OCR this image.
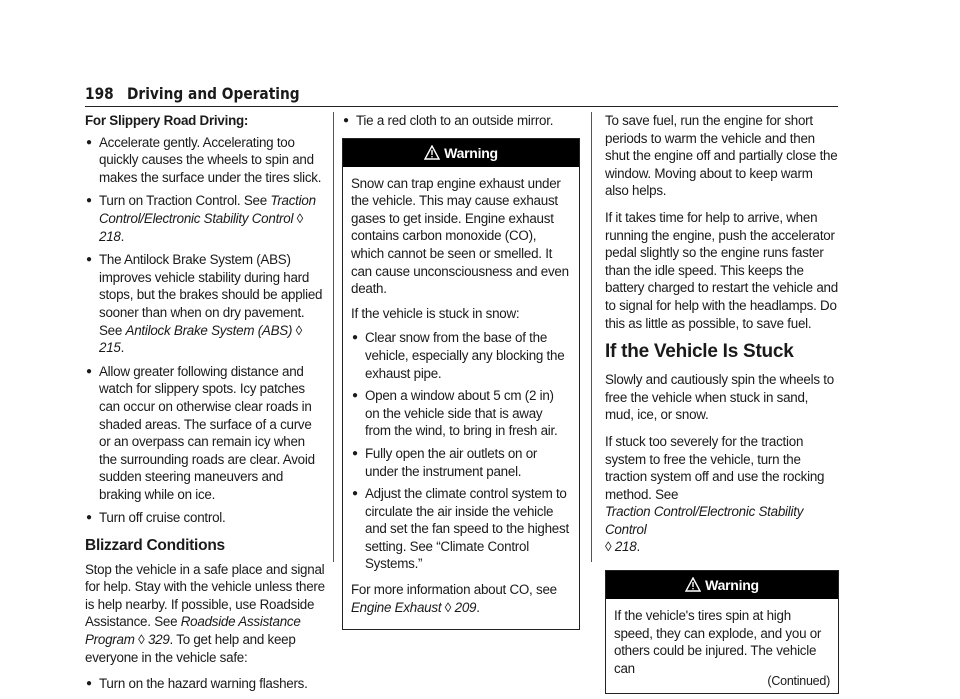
198 Driving and Operating

For Slippery Road Driving:

● Accelerate gently. Accelerating too quickly causes the wheels to spin and makes the surface under the tires slick.
● Turn on Traction Control. See Traction Control/Electronic Stability Control ◊ 218.
● The Antilock Brake System (ABS) improves vehicle stability during hard stops, but the brakes should be applied sooner than when on dry pavement. See Antilock Brake System (ABS) ◊ 215.
● Allow greater following distance and watch for slippery spots. Icy patches can occur on otherwise clear roads in shaded areas. The surface of a curve or an overpass can remain icy when the surrounding roads are clear. Avoid sudden steering maneuvers and braking while on ice.
● Turn off cruise control.

Blizzard Conditions

Stop the vehicle in a safe place and signal for help. Stay with the vehicle unless there is help nearby. If possible, use Roadside Assistance. See Roadside Assistance Program ◊ 329. To get help and keep everyone in the vehicle safe:

● Turn on the hazard warning flashers.
● Tie a red cloth to an outside mirror.
Warning

Snow can trap engine exhaust under the vehicle. This may cause exhaust gases to get inside. Engine exhaust contains carbon monoxide (CO), which cannot be seen or smelled. It can cause unconsciousness and even death.

If the vehicle is stuck in snow:

● Clear snow from the base of the vehicle, especially any blocking the exhaust pipe.
● Open a window about 5 cm (2 in) on the vehicle side that is away from the wind, to bring in fresh air.
● Fully open the air outlets on or under the instrument panel.
● Adjust the climate control system to circulate the air inside the vehicle and set the fan speed to the highest setting. See “Climate Control Systems.”

For more information about CO, see
Engine Exhaust ◊ 209.

To save fuel, run the engine for short periods to warm the vehicle and then shut the engine off and partially close the window. Moving about to keep warm also helps.

If it takes time for help to arrive, when running the engine, push the accelerator pedal slightly so the engine runs faster than the idle speed. This keeps the battery charged to restart the vehicle and to signal for help with the headlamps. Do this as little as possible, to save fuel.

If the Vehicle Is Stuck

Slowly and cautiously spin the wheels to free the vehicle when stuck in sand, mud, ice, or snow.

If stuck too severely for the traction system to free the vehicle, turn the traction system off and use the rocking method. See
Traction Control/Electronic Stability Control
◊ 218.

Warning

If the vehicle's tires spin at high speed, they can explode, and you or others could be injured. The vehicle can

(Continued)
